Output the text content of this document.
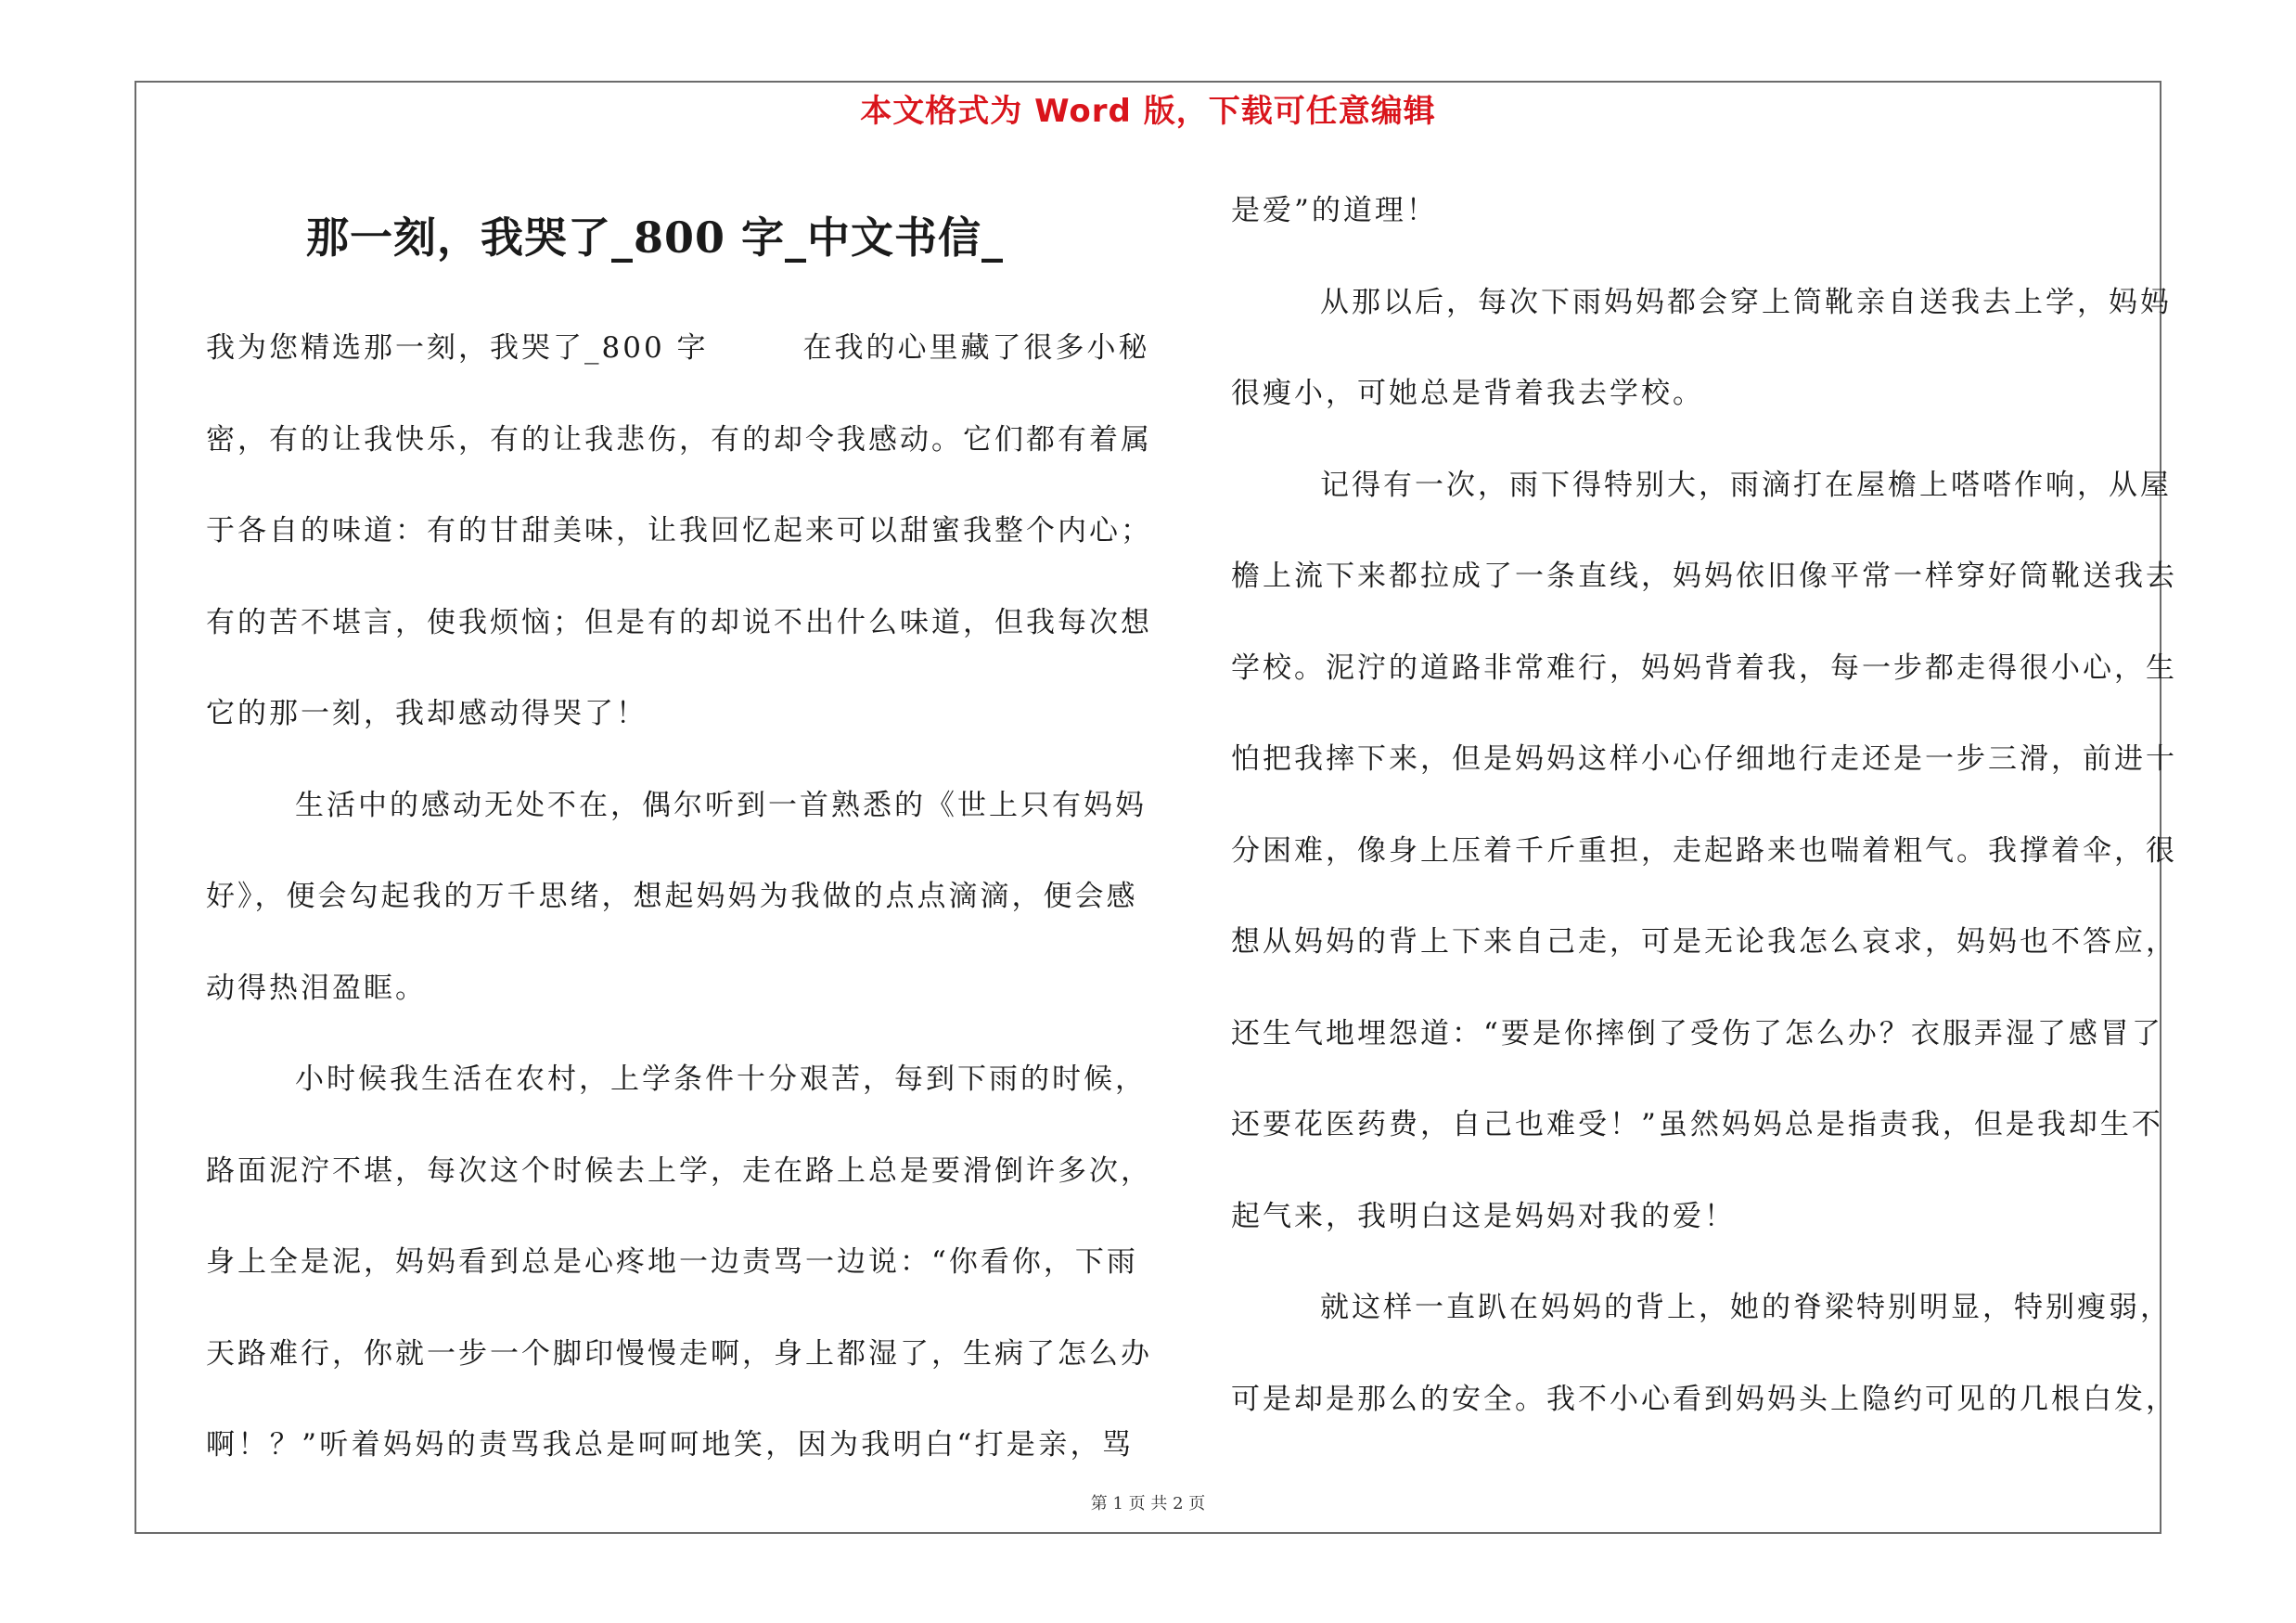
本文格式为 Word 版，下载可任意编辑
那一刻，我哭了_800 字_中文书信_
我为您精选那一刻，我哭了_800 字　　　在我的心里藏了很多小秘
密，有的让我快乐，有的让我悲伤，有的却令我感动。它们都有着属
于各自的味道：有的甘甜美味，让我回忆起来可以甜蜜我整个内心；
有的苦不堪言，使我烦恼；但是有的却说不出什么味道，但我每次想
它的那一刻，我却感动得哭了！
生活中的感动无处不在，偶尔听到一首熟悉的《世上只有妈妈
好》，便会勾起我的万千思绪，想起妈妈为我做的点点滴滴，便会感
动得热泪盈眶。
小时候我生活在农村，上学条件十分艰苦，每到下雨的时候，
路面泥泞不堪，每次这个时候去上学，走在路上总是要滑倒许多次，
身上全是泥，妈妈看到总是心疼地一边责骂一边说：“你看你，下雨
天路难行，你就一步一个脚印慢慢走啊，身上都湿了，生病了怎么办
啊！？”听着妈妈的责骂我总是呵呵地笑，因为我明白“打是亲，骂
是爱”的道理！
从那以后，每次下雨妈妈都会穿上筒靴亲自送我去上学，妈妈
很瘦小，可她总是背着我去学校。
记得有一次，雨下得特别大，雨滴打在屋檐上嗒嗒作响，从屋
檐上流下来都拉成了一条直线，妈妈依旧像平常一样穿好筒靴送我去
学校。泥泞的道路非常难行，妈妈背着我，每一步都走得很小心，生
怕把我摔下来，但是妈妈这样小心仔细地行走还是一步三滑，前进十
分困难，像身上压着千斤重担，走起路来也喘着粗气。我撑着伞，很
想从妈妈的背上下来自己走，可是无论我怎么哀求，妈妈也不答应，
还生气地埋怨道：“要是你摔倒了受伤了怎么办？衣服弄湿了感冒了
还要花医药费，自己也难受！”虽然妈妈总是指责我，但是我却生不
起气来，我明白这是妈妈对我的爱！
就这样一直趴在妈妈的背上，她的脊梁特别明显，特别瘦弱，
可是却是那么的安全。我不小心看到妈妈头上隐约可见的几根白发，
第 1 页 共 2 页
